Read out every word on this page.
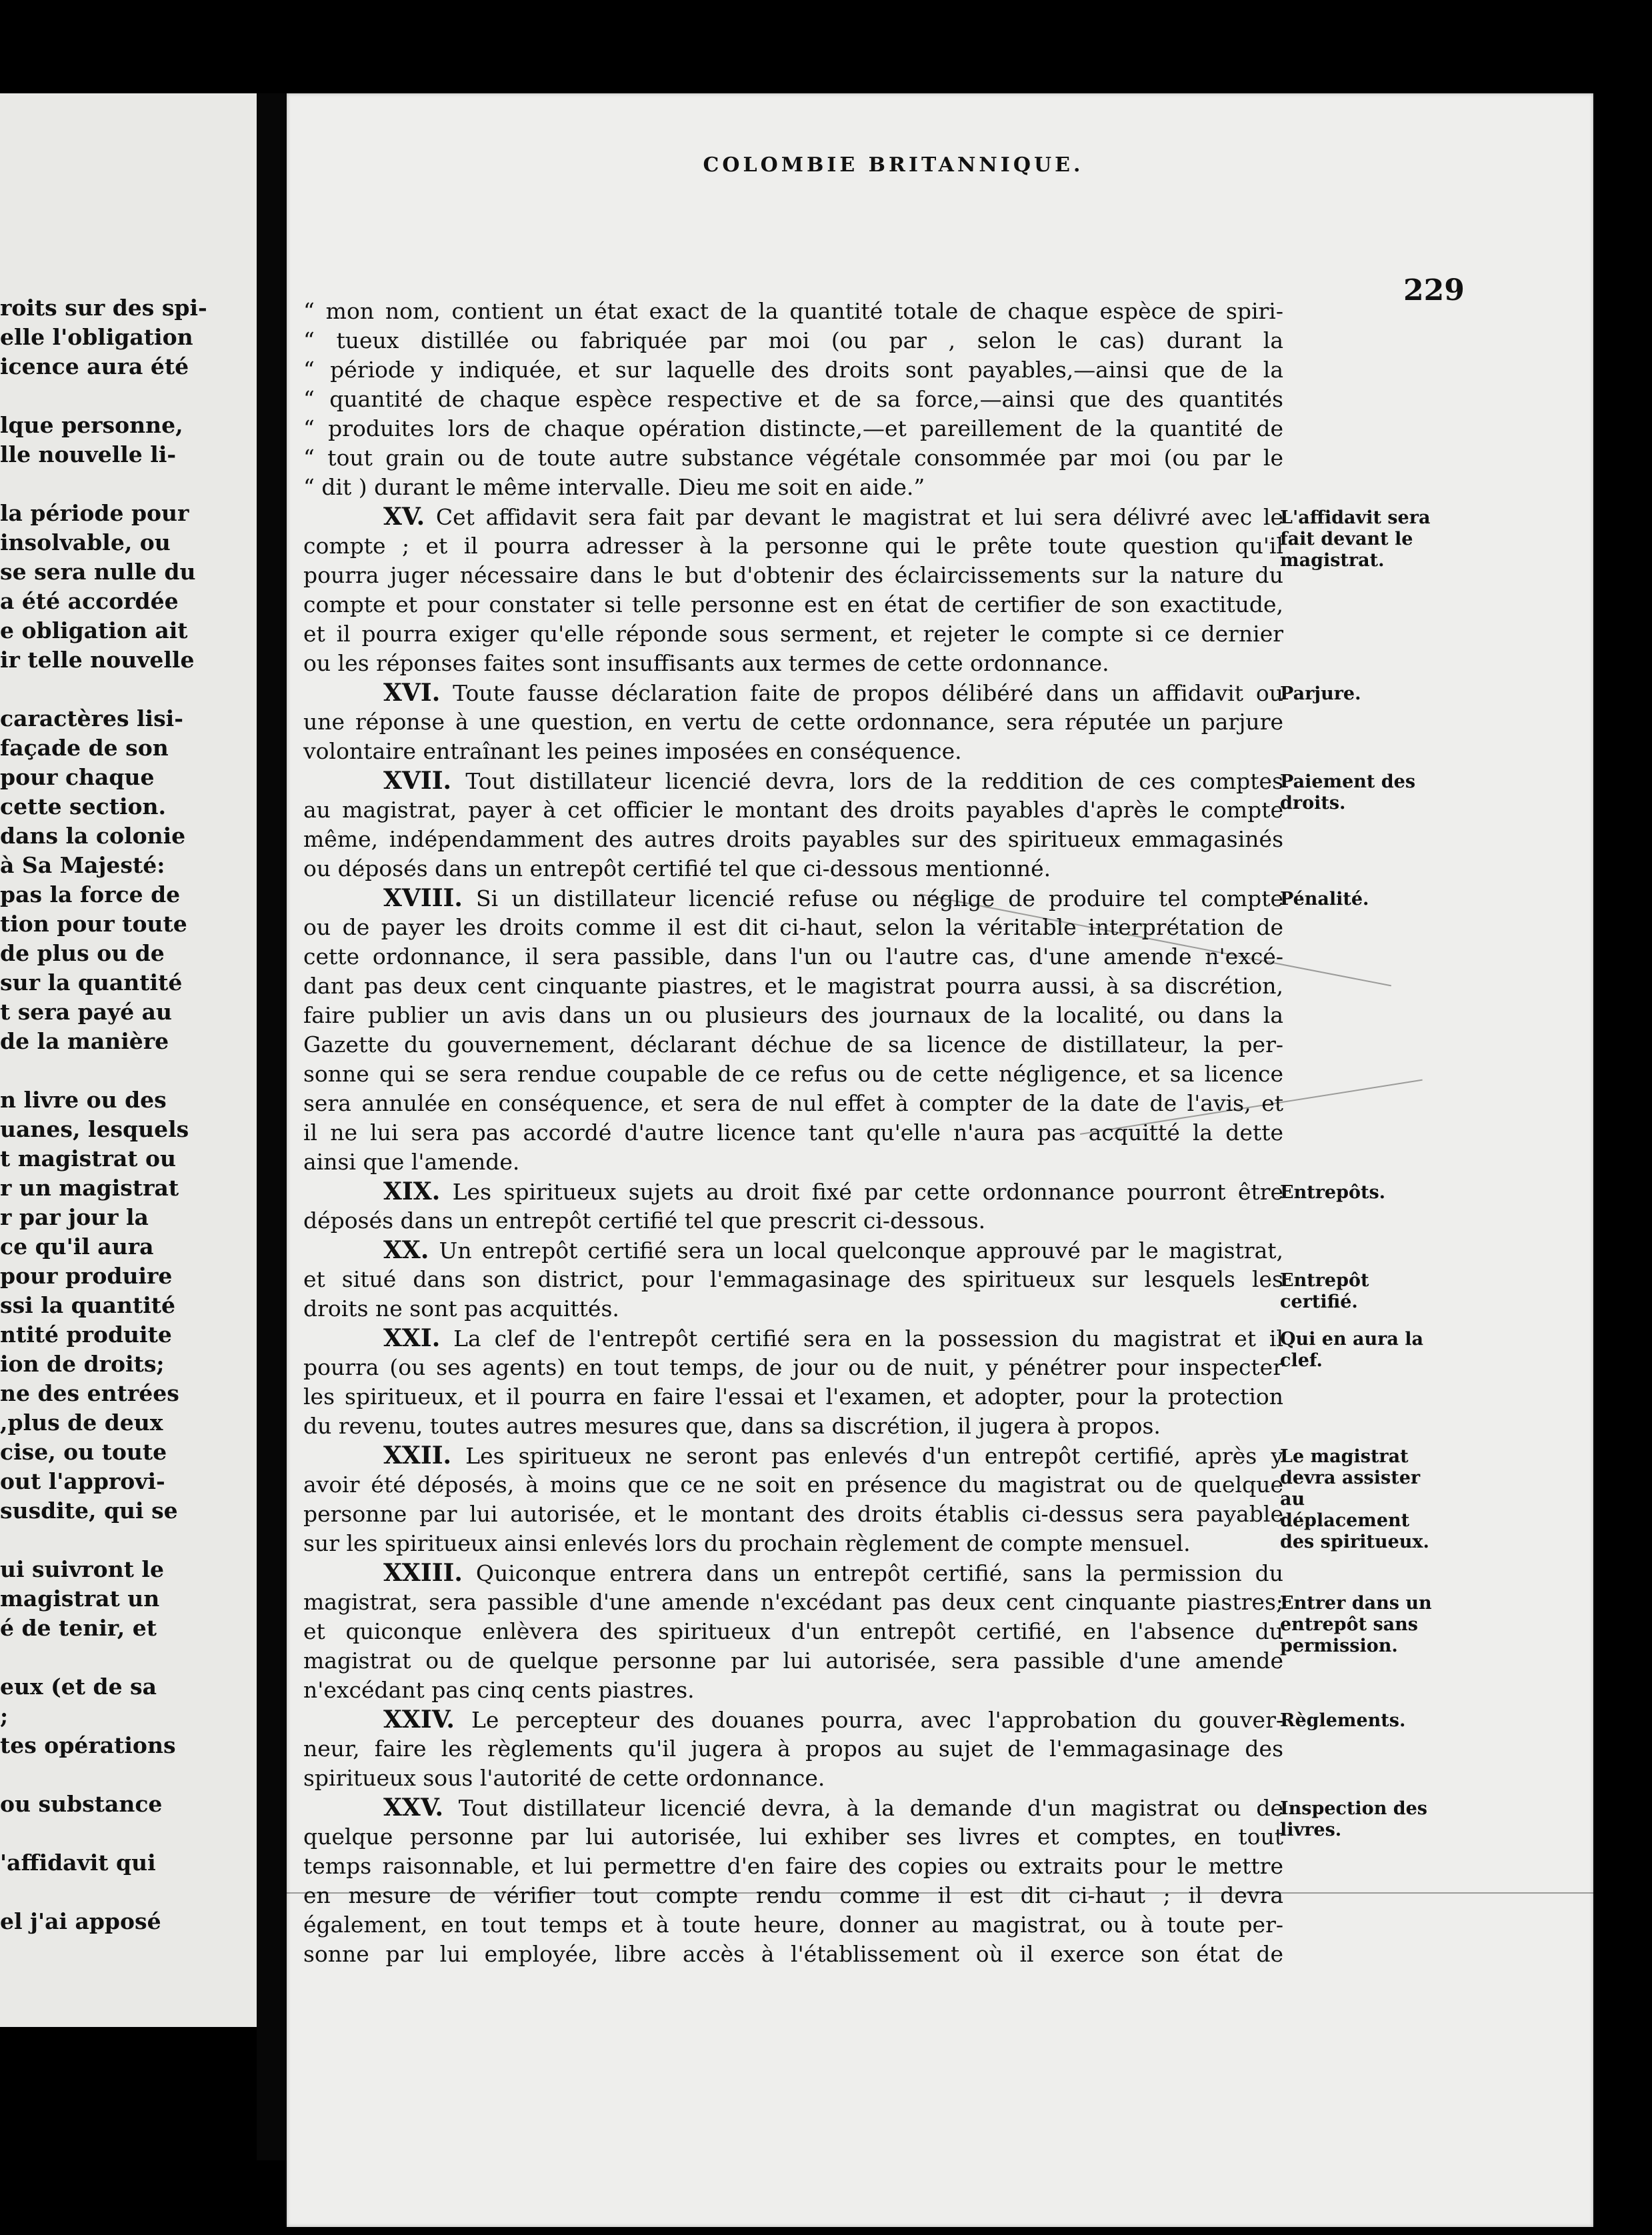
roits sur des spi-
elle l'obligation
icence aura été

lque personne,
lle nouvelle li-

la période pour
insolvable, ou
se sera nulle du
a été accordée
e obligation ait
ir telle nouvelle

caractères lisi-
façade de son
pour chaque
cette section.
dans la colonie
à Sa Majesté:
pas la force de
tion pour toute
de plus ou de
sur la quantité
t sera payé au
de la manière

n livre ou des
uanes, lesquels
t magistrat ou
r un magistrat
r par jour la
ce qu'il aura
pour produire
ssi la quantité
ntité produite
ion de droits;
ne des entrées
,plus de deux
cise, ou toute
out l'approvi-
susdite, qui se

ui suivront le
magistrat un
é de tenir, et

eux (et de sa
;
tes opérations

ou substance

'affidavit qui

el j'ai apposé
COLOMBIE BRITANNIQUE.
229
“ mon nom, contient un état exact de la quantité totale de chaque espèce de spiri-
“ tueux distillée ou fabriquée par moi (ou par , selon le cas) durant la
“ période y indiquée, et sur laquelle des droits sont payables,—ainsi que de la
“ quantité de chaque espèce respective et de sa force,—ainsi que des quantités
“ produites lors de chaque opération distincte,—et pareillement de la quantité de
“ tout grain ou de toute autre substance végétale consommée par moi (ou par le
“ dit ) durant le même intervalle. Dieu me soit en aide.”
XV. Cet affidavit sera fait par devant le magistrat et lui sera délivré avec le
compte ; et il pourra adresser à la personne qui le prête toute question qu'il
pourra juger nécessaire dans le but d'obtenir des éclaircissements sur la nature du
compte et pour constater si telle personne est en état de certifier de son exactitude,
et il pourra exiger qu'elle réponde sous serment, et rejeter le compte si ce dernier
ou les réponses faites sont insuffisants aux termes de cette ordonnance.
XVI. Toute fausse déclaration faite de propos délibéré dans un affidavit ou
une réponse à une question, en vertu de cette ordonnance, sera réputée un parjure
volontaire entraînant les peines imposées en conséquence.
XVII. Tout distillateur licencié devra, lors de la reddition de ces comptes
au magistrat, payer à cet officier le montant des droits payables d'après le compte
même, indépendamment des autres droits payables sur des spiritueux emmagasinés
ou déposés dans un entrepôt certifié tel que ci-dessous mentionné.
XVIII. Si un distillateur licencié refuse ou néglige de produire tel compte
ou de payer les droits comme il est dit ci-haut, selon la véritable interprétation de
cette ordonnance, il sera passible, dans l'un ou l'autre cas, d'une amende n'excé-
dant pas deux cent cinquante piastres, et le magistrat pourra aussi, à sa discrétion,
faire publier un avis dans un ou plusieurs des journaux de la localité, ou dans la
Gazette du gouvernement, déclarant déchue de sa licence de distillateur, la per-
sonne qui se sera rendue coupable de ce refus ou de cette négligence, et sa licence
sera annulée en conséquence, et sera de nul effet à compter de la date de l'avis, et
il ne lui sera pas accordé d'autre licence tant qu'elle n'aura pas acquitté la dette
ainsi que l'amende.
XIX. Les spiritueux sujets au droit fixé par cette ordonnance pourront être
déposés dans un entrepôt certifié tel que prescrit ci-dessous.
XX. Un entrepôt certifié sera un local quelconque approuvé par le magistrat,
et situé dans son district, pour l'emmagasinage des spiritueux sur lesquels les
droits ne sont pas acquittés.
XXI. La clef de l'entrepôt certifié sera en la possession du magistrat et il
pourra (ou ses agents) en tout temps, de jour ou de nuit, y pénétrer pour inspecter
les spiritueux, et il pourra en faire l'essai et l'examen, et adopter, pour la protection
du revenu, toutes autres mesures que, dans sa discrétion, il jugera à propos.
XXII. Les spiritueux ne seront pas enlevés d'un entrepôt certifié, après y
avoir été déposés, à moins que ce ne soit en présence du magistrat ou de quelque
personne par lui autorisée, et le montant des droits établis ci-dessus sera payable
sur les spiritueux ainsi enlevés lors du prochain règlement de compte mensuel.
XXIII. Quiconque entrera dans un entrepôt certifié, sans la permission du
magistrat, sera passible d'une amende n'excédant pas deux cent cinquante piastres;
et quiconque enlèvera des spiritueux d'un entrepôt certifié, en l'absence du
magistrat ou de quelque personne par lui autorisée, sera passible d'une amende
n'excédant pas cinq cents piastres.
XXIV. Le percepteur des douanes pourra, avec l'approbation du gouver-
neur, faire les règlements qu'il jugera à propos au sujet de l'emmagasinage des
spiritueux sous l'autorité de cette ordonnance.
XXV. Tout distillateur licencié devra, à la demande d'un magistrat ou de
quelque personne par lui autorisée, lui exhiber ses livres et comptes, en tout
temps raisonnable, et lui permettre d'en faire des copies ou extraits pour le mettre
en mesure de vérifier tout compte rendu comme il est dit ci-haut ; il devra
également, en tout temps et à toute heure, donner au magistrat, ou à toute per-
sonne par lui employée, libre accès à l'établissement où il exerce son état de
L'affidavit sera fait devant le magistrat.
Parjure.
Paiement des droits.
Pénalité.
Entrepôts.
Entrepôt certifié.
Qui en aura la clef.
Le magistrat devra assister au déplacement des spiritueux.
Entrer dans un entrepôt sans permission.
Règlements.
Inspection des livres.
